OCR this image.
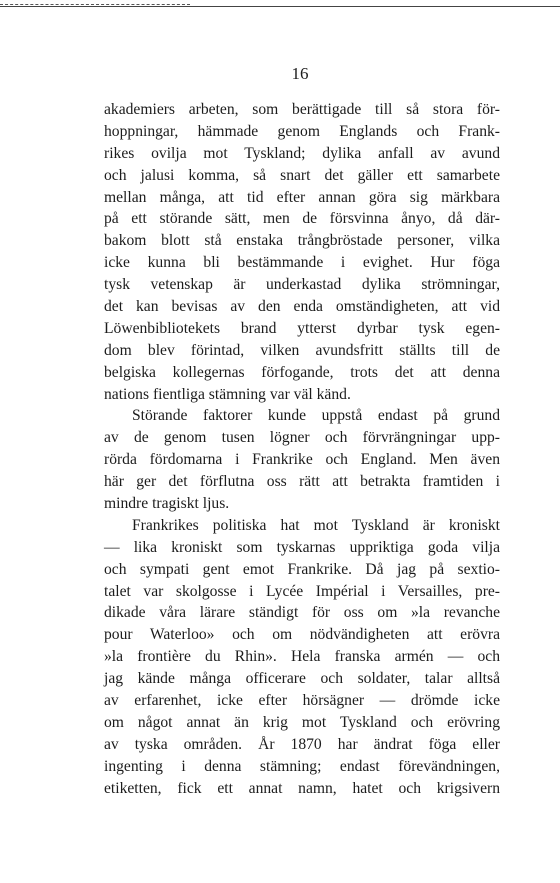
16
akademiers arbeten, som berättigade till så stora för-
hoppningar, hämmade genom Englands och Frank-
rikes ovilja mot Tyskland; dylika anfall av avund
och jalusi komma, så snart det gäller ett samarbete
mellan många, att tid efter annan göra sig märkbara
på ett störande sätt, men de försvinna ånyo, då där-
bakom blott stå enstaka trångbröstade personer, vilka
icke kunna bli bestämmande i evighet. Hur föga
tysk vetenskap är underkastad dylika strömningar,
det kan bevisas av den enda omständigheten, att vid
Löwenbibliotekets brand ytterst dyrbar tysk egen-
dom blev förintad, vilken avundsfritt ställts till de
belgiska kollegernas förfogande, trots det att denna
nations fientliga stämning var väl känd.
Störande faktorer kunde uppstå endast på grund
av de genom tusen lögner och förvrängningar upp-
rörda fördomarna i Frankrike och England. Men även
här ger det förflutna oss rätt att betrakta framtiden i
mindre tragiskt ljus.
Frankrikes politiska hat mot Tyskland är kroniskt
— lika kroniskt som tyskarnas uppriktiga goda vilja
och sympati gent emot Frankrike. Då jag på sextio-
talet var skolgosse i Lycée Impérial i Versailles, pre-
dikade våra lärare ständigt för oss om »la revanche
pour Waterloo» och om nödvändigheten att erövra
»la frontière du Rhin». Hela franska armén — och
jag kände många officerare och soldater, talar alltså
av erfarenhet, icke efter hörsägner — drömde icke
om något annat än krig mot Tyskland och erövring
av tyska områden. År 1870 har ändrat föga eller
ingenting i denna stämning; endast förevändningen,
etiketten, fick ett annat namn, hatet och krigsivern
